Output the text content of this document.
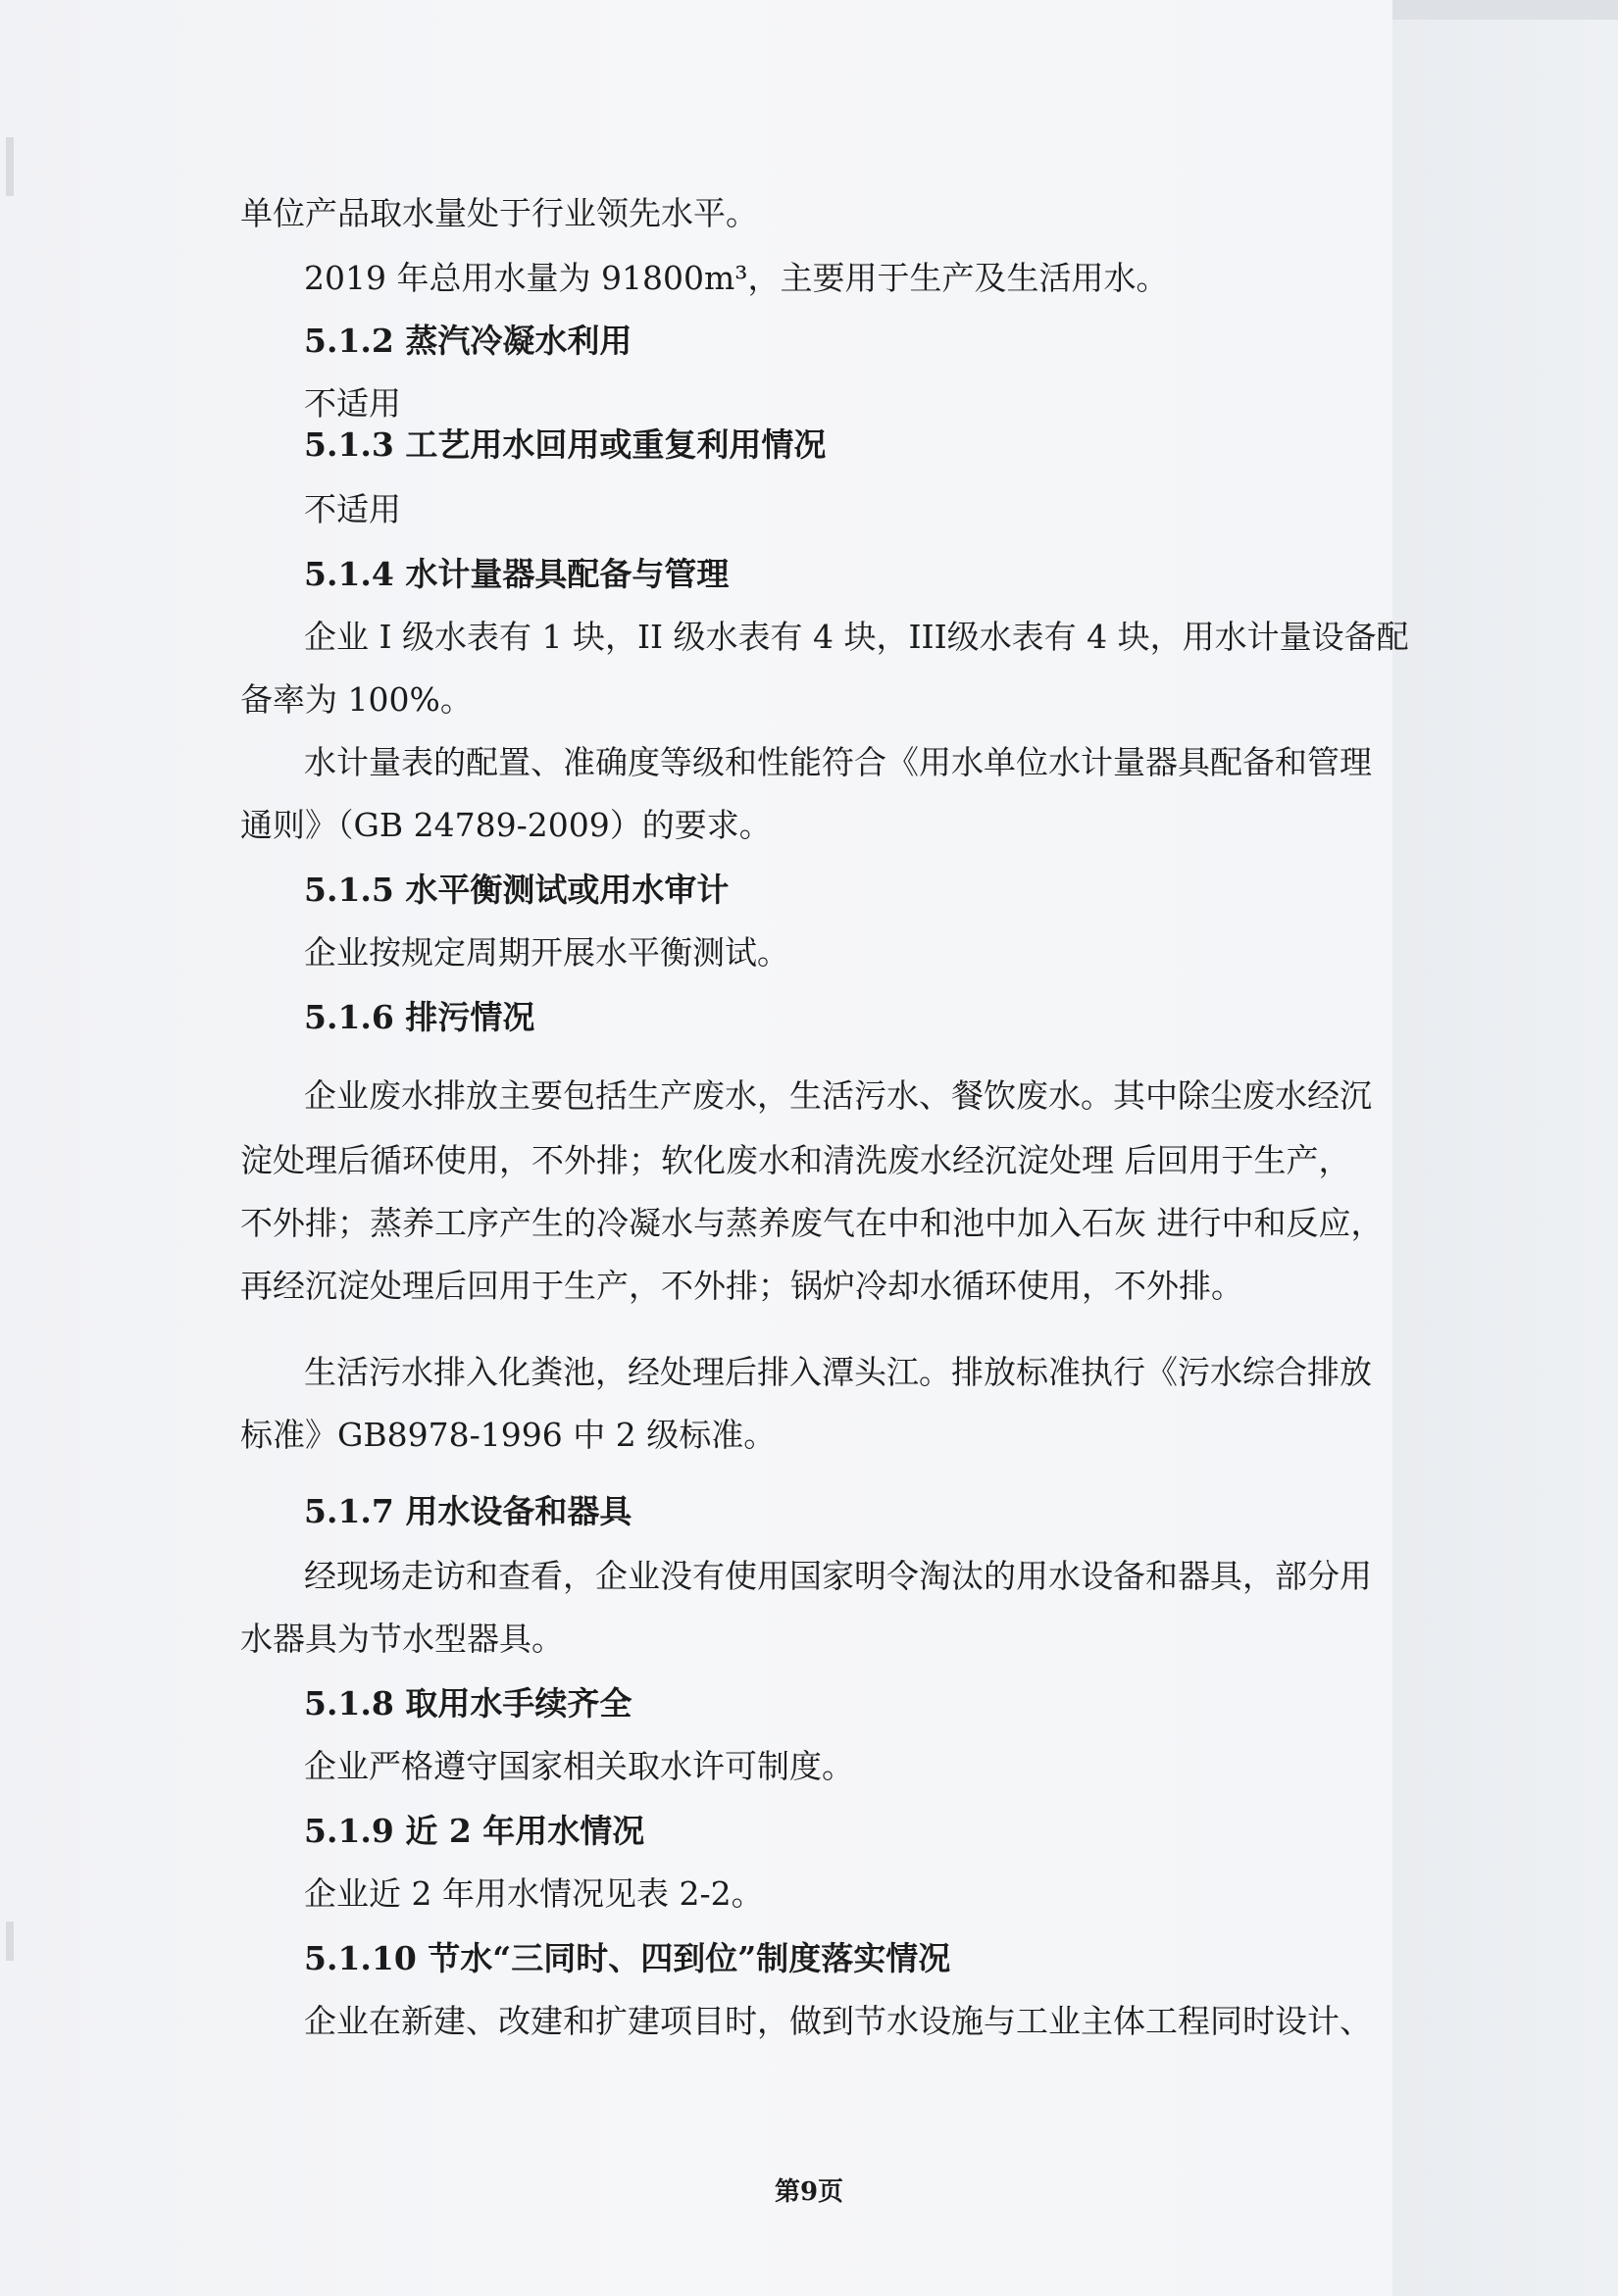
单位产品取水量处于行业领先水平。
2019 年总用水量为 91800m³，主要用于生产及生活用水。
5.1.2 蒸汽冷凝水利用
不适用
5.1.3 工艺用水回用或重复利用情况
不适用
5.1.4 水计量器具配备与管理
企业 I 级水表有 1 块，II 级水表有 4 块，III级水表有 4 块，用水计量设备配
备率为 100%。
水计量表的配置、准确度等级和性能符合《用水单位水计量器具配备和管理
通则》（GB 24789-2009）的要求。
5.1.5 水平衡测试或用水审计
企业按规定周期开展水平衡测试。
5.1.6 排污情况
企业废水排放主要包括生产废水，生活污水、餐饮废水。其中除尘废水经沉
淀处理后循环使用，不外排；软化废水和清洗废水经沉淀处理 后回用于生产，
不外排；蒸养工序产生的冷凝水与蒸养废气在中和池中加入石灰 进行中和反应，
再经沉淀处理后回用于生产，不外排；锅炉冷却水循环使用，不外排。
生活污水排入化粪池，经处理后排入潭头江。排放标准执行《污水综合排放
标准》GB8978-1996 中 2 级标准。
5.1.7 用水设备和器具
经现场走访和查看，企业没有使用国家明令淘汰的用水设备和器具，部分用
水器具为节水型器具。
5.1.8 取用水手续齐全
企业严格遵守国家相关取水许可制度。
5.1.9 近 2 年用水情况
企业近 2 年用水情况见表 2-2。
5.1.10 节水“三同时、四到位”制度落实情况
企业在新建、改建和扩建项目时，做到节水设施与工业主体工程同时设计、
第9页
